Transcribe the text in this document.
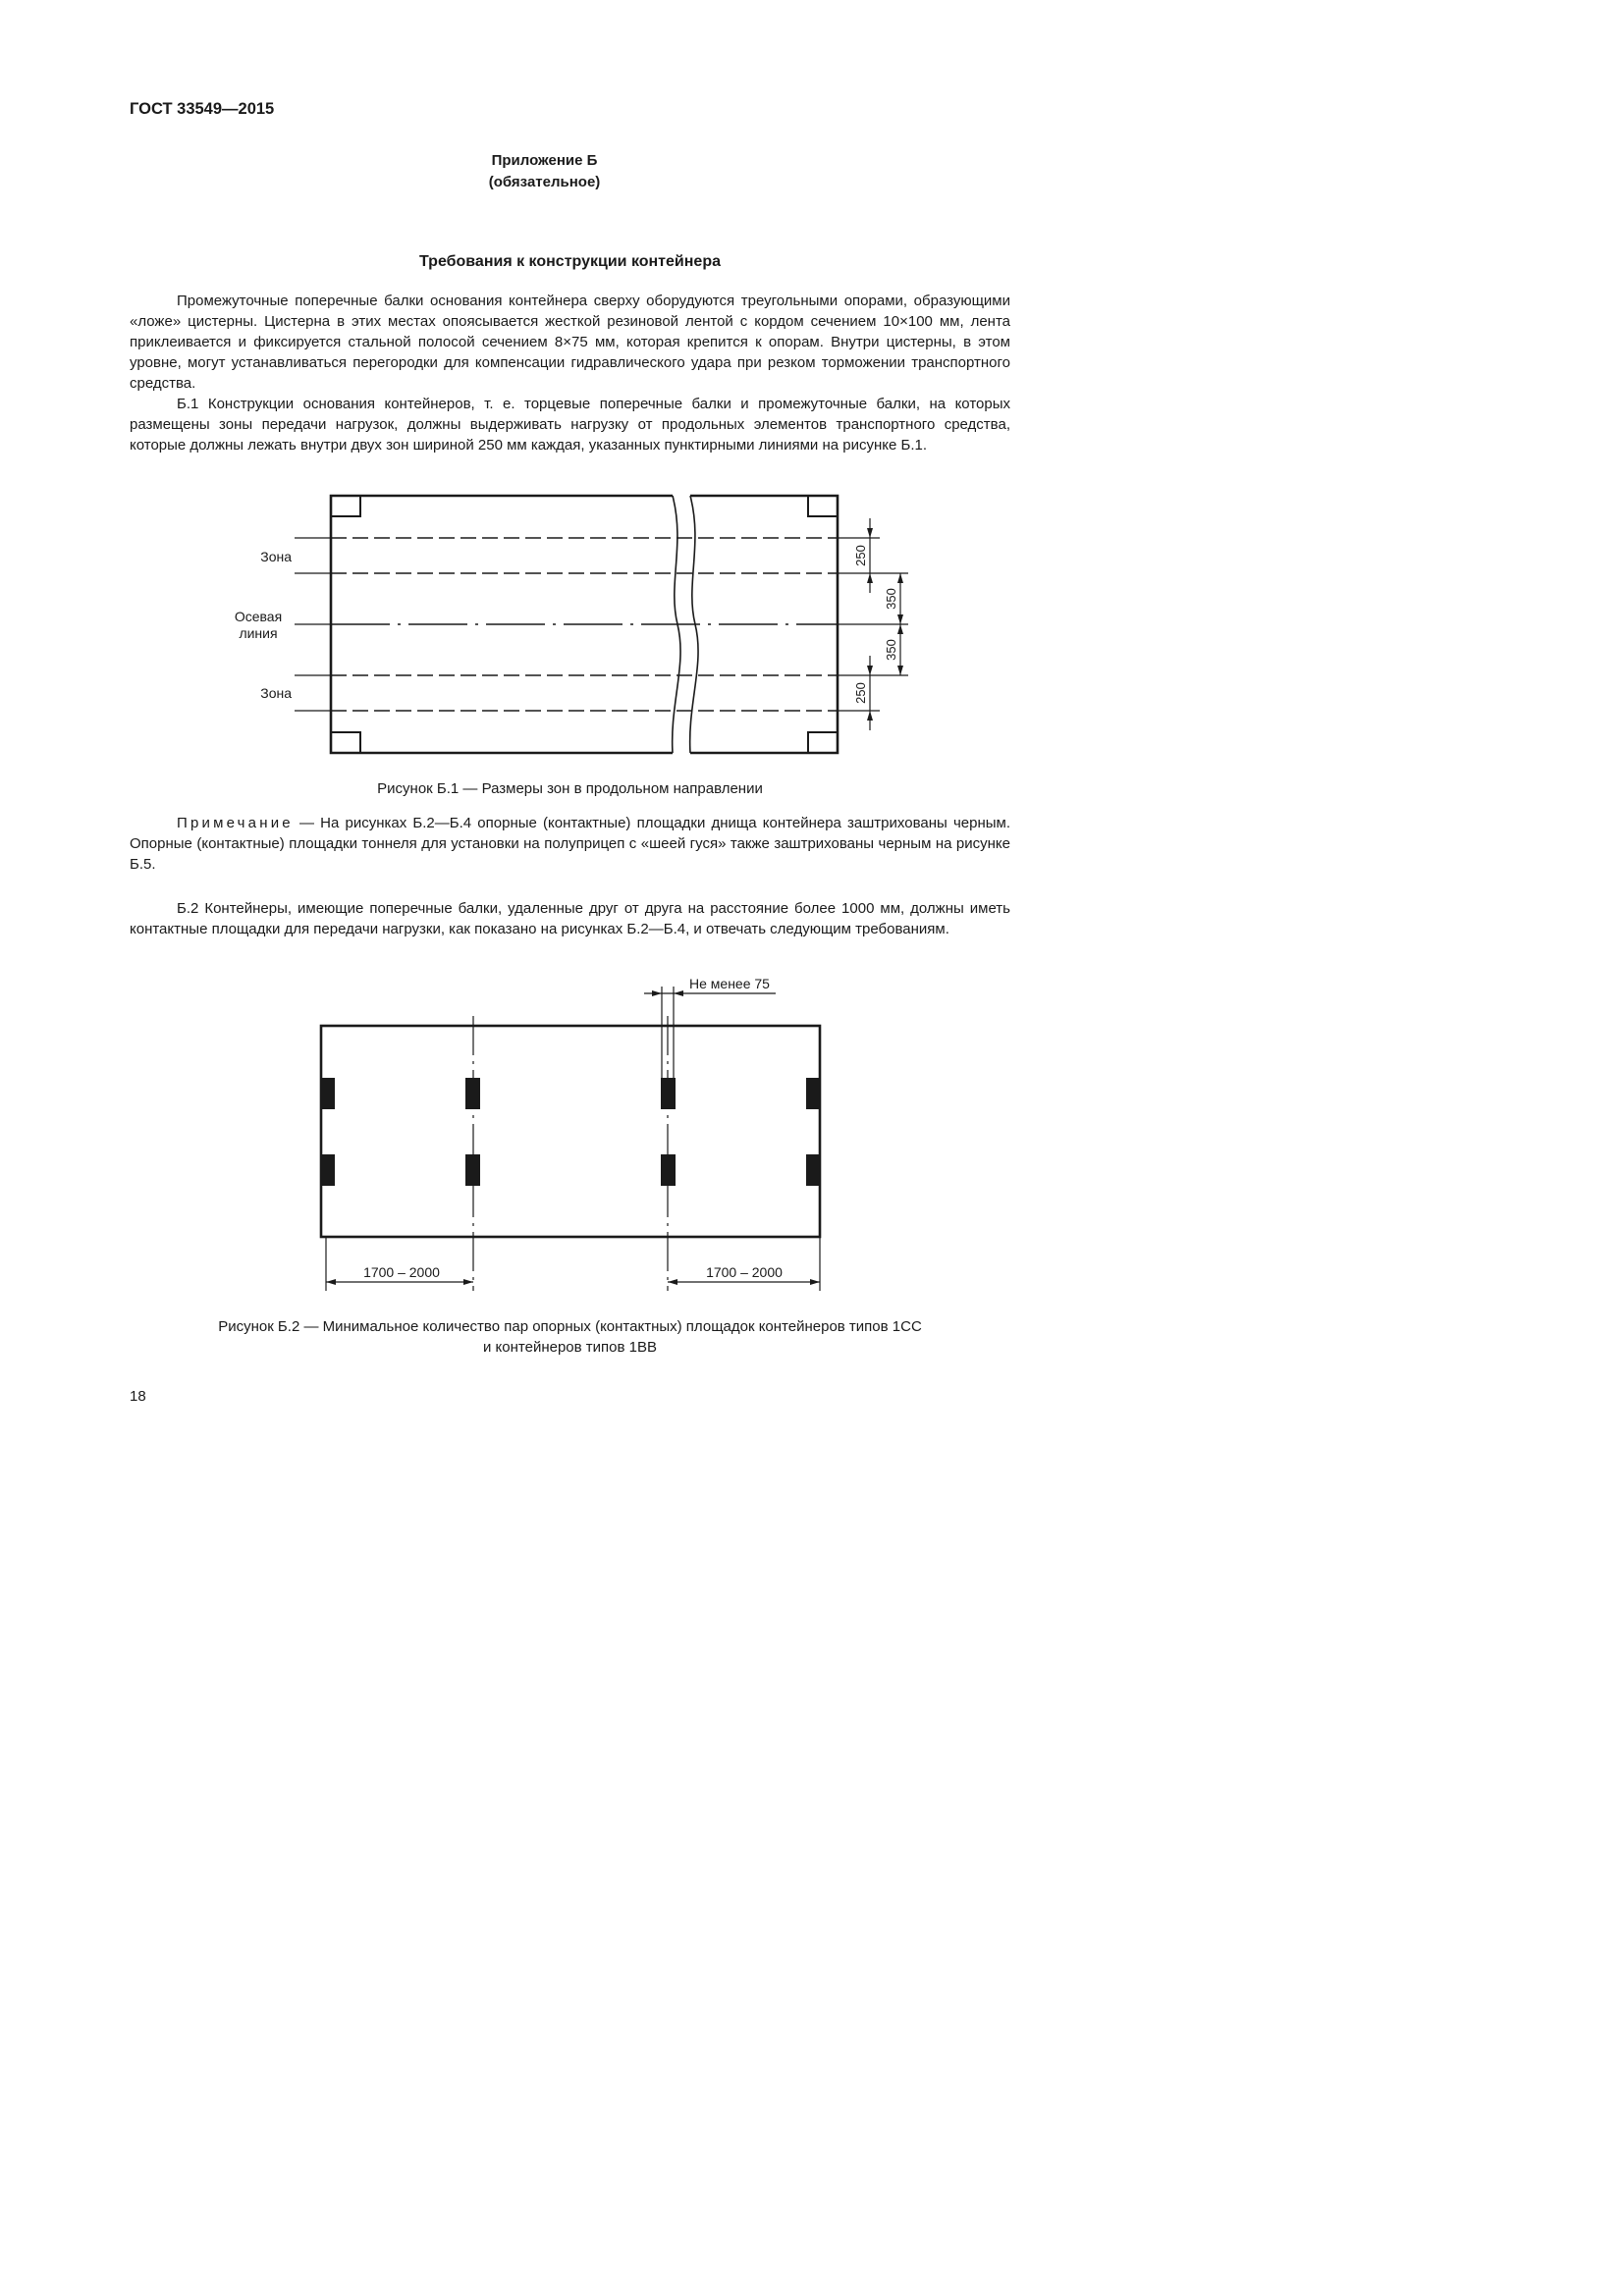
ГОСТ 33549—2015
Приложение Б
(обязательное)
Требования к конструкции контейнера

Промежуточные поперечные балки основания контейнера сверху оборудуются треугольными опорами, образующими «ложе» цистерны. Цистерна в этих местах опоясывается жесткой резиновой лентой с кордом сечением 10×100 мм, лента приклеивается и фиксируется стальной полосой сечением 8×75 мм, которая крепится к опорам. Внутри цистерны, в этом уровне, могут устанавливаться перегородки для компенсации гидравлического удара при резком торможении транспортного средства.

Б.1 Конструкции основания контейнеров, т. е. торцевые поперечные балки и промежуточные балки, на которых размещены зоны передачи нагрузок, должны выдерживать нагрузку от продольных элементов транспортного средства, которые должны лежать внутри двух зон шириной 250 мм каждая, указанных пунктирными линиями на рисунке Б.1.

Зона
Осевая
линия
Зона
250
350
350
250
Рисунок Б.1 — Размеры зон в продольном направлении

Примечание — На рисунках Б.2—Б.4 опорные (контактные) площадки днища контейнера заштрихованы черным. Опорные (контактные) площадки тоннеля для установки на полуприцеп с «шеей гуся» также заштрихованы черным на рисунке Б.5.

Б.2 Контейнеры, имеющие поперечные балки, удаленные друг от друга на расстояние более 1000 мм, должны иметь контактные площадки для передачи нагрузки, как показано на рисунках Б.2—Б.4, и отвечать следующим требованиям.

Не менее 75
1700 – 2000	1700 – 2000
Рисунок Б.2 — Минимальное количество пар опорных (контактных) площадок контейнеров типов 1СС
и контейнеров типов 1ВВ
18
